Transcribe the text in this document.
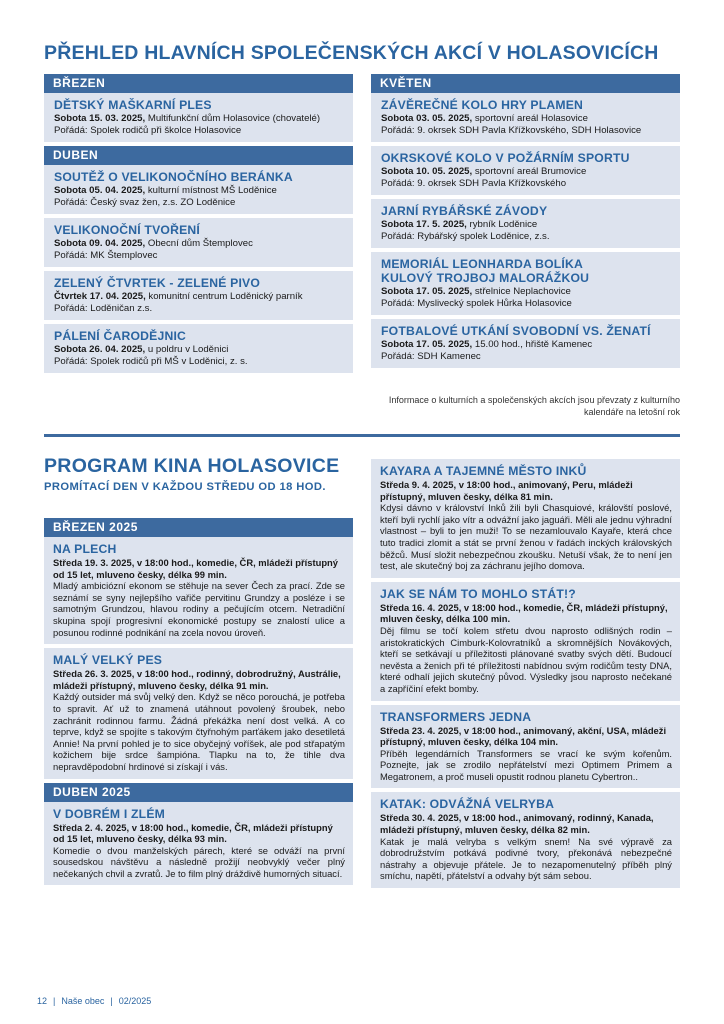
PŘEHLED HLAVNÍCH SPOLEČENSKÝCH AKCÍ V HOLASOVICÍCH
BŘEZEN
DĚTSKÝ MAŠKARNÍ PLES
Sobota 15. 03. 2025, Multifunkční dům Holasovice (chovatelé)
Pořádá: Spolek rodičů při školce Holasovice
DUBEN
SOUTĚŽ O VELIKONOČNÍHO BERÁNKA
Sobota 05. 04. 2025, kulturní místnost MŠ Loděnice
Pořádá: Český svaz žen, z.s. ZO Loděnice
VELIKONOČNÍ TVOŘENÍ
Sobota 09. 04. 2025, Obecní dům Štemplovec
Pořádá: MK Štemplovec
ZELENÝ ČTVRTEK - ZELENÉ PIVO
Čtvrtek 17. 04. 2025, komunitní centrum Loděnický parník
Pořádá: Loděničan z.s.
PÁLENÍ ČARODĚJNIC
Sobota 26. 04. 2025, u poldru v Loděnici
Pořádá: Spolek rodičů při MŠ v Loděnici, z. s.
KVĚTEN
ZÁVĚREČNÉ KOLO HRY PLAMEN
Sobota 03. 05. 2025, sportovní areál Holasovice
Pořádá: 9. okrsek SDH Pavla Křížkovského, SDH Holasovice
OKRSKOVÉ KOLO V POŽÁRNÍM SPORTU
Sobota 10. 05. 2025, sportovní areál Brumovice
Pořádá: 9. okrsek SDH Pavla Křížkovského
JARNÍ RYBÁŘSKÉ ZÁVODY
Sobota 17. 5. 2025, rybník Loděnice
Pořádá: Rybářský spolek Loděnice, z.s.
MEMORIÁL LEONHARDA BOLÍKA KULOVÝ TROJBOJ MALORÁŽKOU
Sobota 17. 05. 2025, střelnice Neplachovice
Pořádá: Myslivecký spolek Hůrka Holasovice
FOTBALOVÉ UTKÁNÍ SVOBODNÍ VS. ŽENATÍ
Sobota 17. 05. 2025, 15.00 hod., hřiště Kamenec
Pořádá: SDH Kamenec
Informace o kulturních a společenských akcích jsou převzaty z kulturního kalendáře na letošní rok
PROGRAM KINA HOLASOVICE
PROMÍTACÍ DEN V KAŽDOU STŘEDU OD 18 HOD.
BŘEZEN 2025
NA PLECH
Středa 19. 3. 2025, v 18:00 hod., komedie, ČR, mládeži přístupný od 15 let, mluveno česky, délka 99 min.
Mladý ambiciózní ekonom se stěhuje na sever Čech za prací. Zde se seznámí se syny nejlepšího vařiče pervitinu Grundzy a posléze i se samotným Grundzou, hlavou rodiny a pečujícím otcem. Netradiční skupina spojí progresivní ekonomické postupy se znalostí ulice a posunou rodinné podnikání na zcela novou úroveň.
MALÝ VELKÝ PES
Středa 26. 3. 2025, v 18:00 hod., rodinný, dobrodružný, Austrálie, mládeži přístupný, mluveno česky, délka 91 min.
Každý outsider má svůj velký den. Když se něco porouchá, je potřeba to spravit. Ať už to znamená utáhnout povolený šroubek, nebo zachránit rodinnou farmu. Žádná překážka není dost velká. A co teprve, když se spojíte s takovým čtyřnohým parťákem jako desetiletá Annie! Na první pohled je to sice obyčejný voříšek, ale pod střapatým kožichem bije srdce šampióna. Tlapku na to, že tihle dva nepravděpodobní hrdinové si získají i vás.
DUBEN 2025
V DOBRÉM I ZLÉM
Středa 2. 4. 2025, v 18:00 hod., komedie, ČR, mládeži přístupný od 15 let, mluveno česky, délka 93 min.
Komedie o dvou manželských párech, které se odváží na první sousedskou návštěvu a následně prožijí neobvyklý večer plný nečekaných chvil a zvratů. Je to film plný dráždivě humorných situací.
KAYARA A TAJEMNÉ MĚSTO INKŮ
Středa 9. 4. 2025, v 18:00 hod., animovaný, Peru, mládeži přístupný, mluven česky, délka 81 min.
Kdysi dávno v království Inků žili byli Chasquiové, královští poslové, kteří byli rychlí jako vítr a odvážní jako jaguáři. Měli ale jednu výhradní vlastnost – byli to jen muži! To se nezamlouvalo Kayaře, která chce tuto tradici zlomit a stát se první ženou v řadách inckých královských běžců. Musí složit nebezpečnou zkoušku. Netuší však, že to není jen test, ale skutečný boj za záchranu jejího domova.
JAK SE NÁM TO MOHLO STÁT!?
Středa 16. 4. 2025, v 18:00 hod., komedie, ČR, mládeži přístupný, mluven česky, délka 100 min.
Děj filmu se točí kolem střetu dvou naprosto odlišných rodin – aristokratických Cimburk-Kolovratníků a skromnějších Novákových, kteří se setkávají u příležitosti plánované svatby svých dětí. Budoucí nevěsta a ženich při té příležitosti nabídnou svým rodičům testy DNA, které odhalí jejich skutečný původ. Výsledky jsou naprosto nečekané a zapříčiní efekt bomby.
TRANSFORMERS JEDNA
Středa 23. 4. 2025, v 18:00 hod., animovaný, akční, USA, mládeži přístupný, mluven česky, délka 104 min.
Příběh legendárních Transformers se vrací ke svým kořenům. Poznejte, jak se zrodilo nepřátelství mezi Optimem Primem a Megatronem, a proč museli opustit rodnou planetu Cybertron..
KATAK: ODVÁŽNÁ VELRYBA
Středa 30. 4. 2025, v 18:00 hod., animovaný, rodinný, Kanada, mládeži přístupný, mluven česky, délka 82 min.
Katak je malá velryba s velkým snem! Na své výpravě za dobrodružstvím potkává podivné tvory, překonává nebezpečné nástrahy a objevuje přátele. Je to nezapomenutelný příběh plný smíchu, napětí, přátelství a odvahy být sám sebou.
12 | Naše obec | 02/2025
